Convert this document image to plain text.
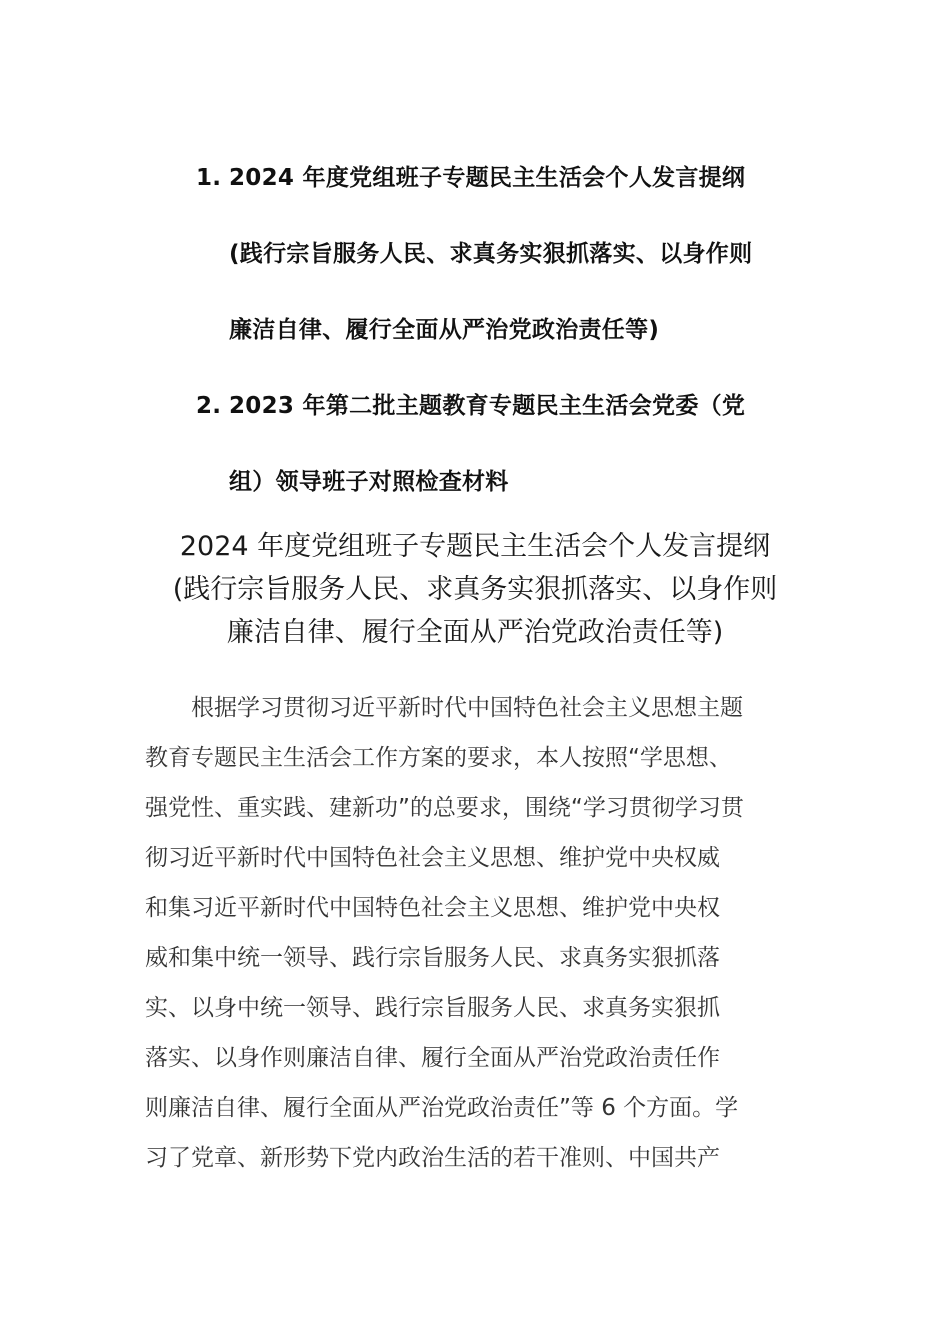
1. 2024 年度党组班子专题民主生活会个人发言提纲
(践行宗旨服务人民、求真务实狠抓落实、以身作则
廉洁自律、履行全面从严治党政治责任等)
2. 2023 年第二批主题教育专题民主生活会党委（党
组）领导班子对照检查材料
2024 年度党组班子专题民主生活会个人发言提纲
(践行宗旨服务人民、求真务实狠抓落实、以身作则
廉洁自律、履行全面从严治党政治责任等)
根据学习贯彻习近平新时代中国特色社会主义思想主题
教育专题民主生活会工作方案的要求，本人按照“学思想、
强党性、重实践、建新功”的总要求，围绕“学习贯彻学习贯
彻习近平新时代中国特色社会主义思想、维护党中央权威
和集习近平新时代中国特色社会主义思想、维护党中央权
威和集中统一领导、践行宗旨服务人民、求真务实狠抓落
实、以身中统一领导、践行宗旨服务人民、求真务实狠抓
落实、以身作则廉洁自律、履行全面从严治党政治责任作
则廉洁自律、履行全面从严治党政治责任”等 6 个方面。学
习了党章、新形势下党内政治生活的若干准则、中国共产
